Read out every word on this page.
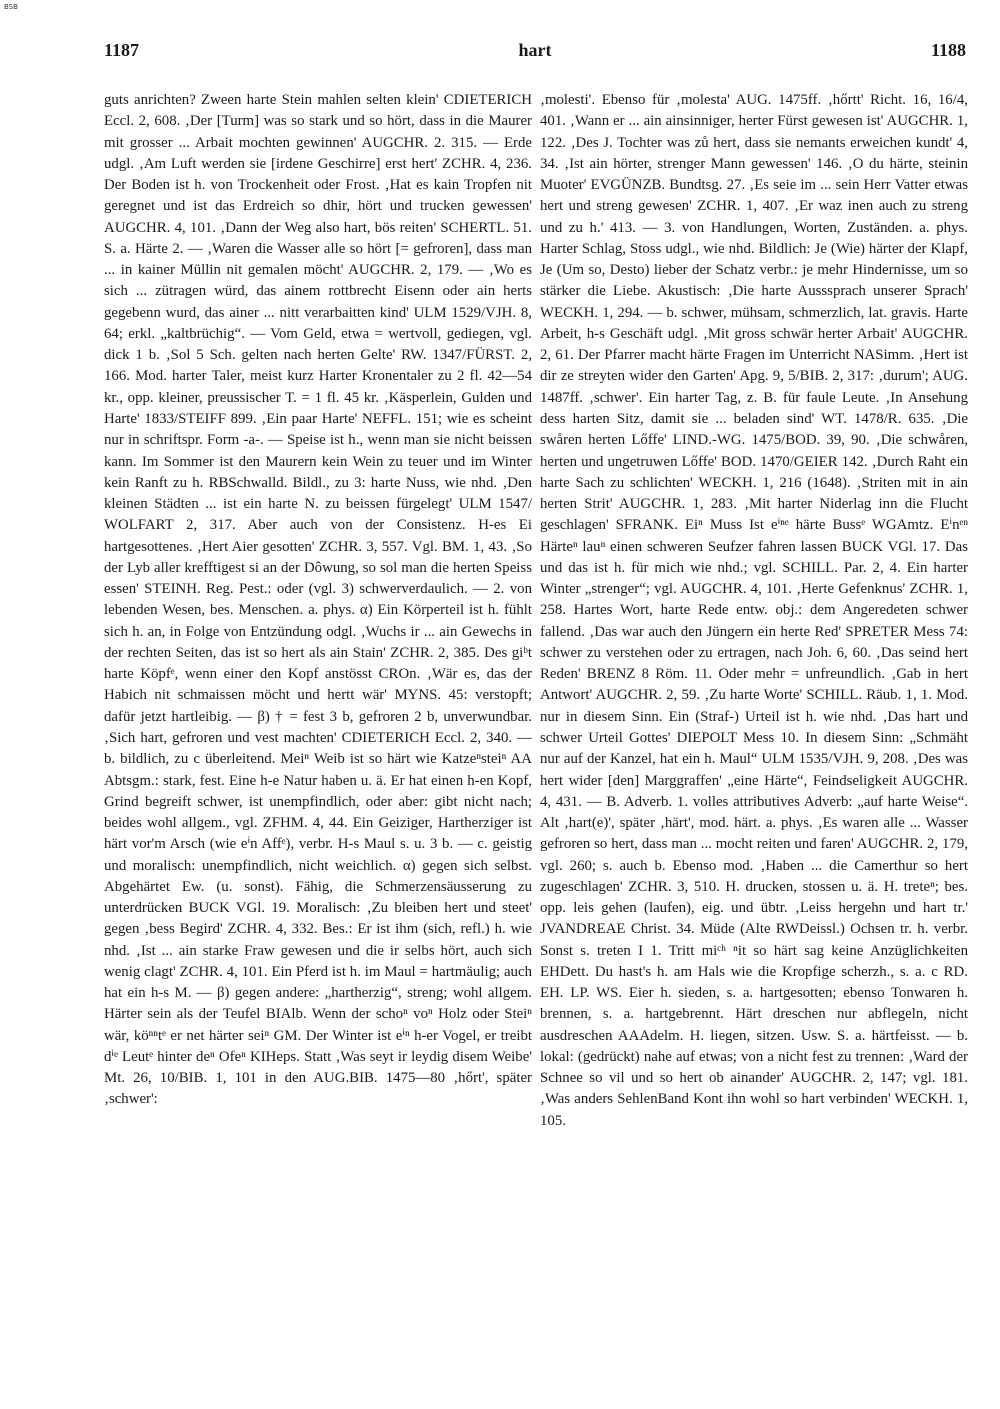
BSB
1187	hart	1188

guts anrichten? Zween harte Stein mahlen selten klein' CDIETERICH Eccl. 2, 608. ‚Der [Turm] was so stark und so hört, dass in die Maurer mit grosser ... Arbait mochten gewinnen' AUGCHR. 2. 315. — Erde udgl. ‚Am Luft werden sie [irdene Geschirre] erst hert' ZCHR. 4, 236. Der Boden ist h. von Trockenheit oder Frost. ‚Hat es kain Tropfen nit geregnet und ist das Erdreich so dhir, hört und trucken gewessen' AUGCHR. 4, 101. ‚Dann der Weg also hart, bös reiten' SCHERTL. 51. S. a. Härte 2. — ‚Waren die Wasser alle so hört [= gefroren], dass man ... in kainer Müllin nit gemalen möcht' AUGCHR. 2, 179. — ‚Wo es sich ... zütragen würd, das ainem rottbrecht Eisenn oder ain herts gegebenn wurd, das ainer ... nitt verarbaitten kind' ULM 1529/VJH. 8, 64; erkl. „kaltbrüchig“. — Vom Geld, etwa = wertvoll, gediegen, vgl. dick 1 b. ‚Sol 5 Sch. gelten nach herten Gelte' RW. 1347/FÜRST. 2, 166. Mod. harter Taler, meist kurz Harter Kronentaler zu 2 fl. 42—54 kr., opp. kleiner, preussischer T. = 1 fl. 45 kr. ‚Käsperlein, Gulden und Harte' 1833/STEIFF 899. ‚Ein paar Harte' NEFFL. 151; wie es scheint nur in schriftspr. Form -a-. — Speise ist h., wenn man sie nicht beissen kann. Im Sommer ist den Maurern kein Wein zu teuer und im Winter kein Ranft zu h. RBSchwalld. Bildl., zu 3: harte Nuss, wie nhd. ‚Den kleinen Städten ... ist ein harte N. zu beissen fürgelegt' ULM 1547/ WOLFART 2, 317. Aber auch von der Consistenz. H-es Ei hartgesottenes. ‚Hert Aier gesotten' ZCHR. 3, 557. Vgl. BM. 1, 43. ‚So der Lyb aller krefftigest si an der Dôwung, so sol man die herten Speiss essen' STEINH. Reg. Pest.: oder (vgl. 3) schwerverdaulich. — 2. von lebenden Wesen, bes. Menschen. a. phys. α) Ein Körperteil ist h. fühlt sich h. an, in Folge von Entzündung odgl. ‚Wuchs ir ... ain Gewechs in der rechten Seiten, das ist so hert als ain Stain' ZCHR. 2, 385. Des gi͏ᵇt harte Köpfᵉ, wenn einer den Kopf anstösst CROn. ‚Wär es, das der Habich nit schmaissen möcht und hertt wär' MYNS. 45: verstopft; dafür jetzt hartleibig. — β) † = fest 3 b, gefroren 2 b, unverwundbar. ‚Sich hart, gefroren und vest machten' CDIETERICH Eccl. 2, 340. — b. bildlich, zu c überleitend. Meiⁿ Weib ist so härt wie Katzeⁿsteiⁿ AA Abtsgm.: stark, fest. Eine h-e Natur haben u. ä. Er hat einen h-en Kopf, Grind begreift schwer, ist unempfindlich, oder aber: gibt nicht nach; beides wohl allgem., vgl. ZFHM. 4, 44. Ein Geiziger, Hartherziger ist härt vor'm Arsch (wie eⁱn Affᵉ), verbr. H-s Maul s. u. 3 b. — c. geistig und moralisch: unempfindlich, nicht weichlich. α) gegen sich selbst. Abgehärtet Ew. (u. sonst). Fähig, die Schmerzensäusserung zu unterdrücken BUCK VGl. 19. Moralisch: ‚Zu bleiben hert und steet' gegen ‚bess Begird' ZCHR. 4, 332. Bes.: Er ist ihm (sich, refl.) h. wie nhd. ‚Ist ... ain starke Fraw gewesen und die ir selbs hört, auch sich wenig clagt' ZCHR. 4, 101. Ein Pferd ist h. im Maul = hartmäulig; auch hat ein h-s M. — β) gegen andere: „hartherzig“, streng; wohl allgem. Härter sein als der Teufel BIAlb. Wenn der schoⁿ voⁿ Holz oder Steiⁿ wär, köⁿⁿtᵉ er net härter seiⁿ GM. Der Winter ist eⁱⁿ h-er Vogel, er treibt dⁱᵉ Leutᵉ hinter deⁿ Ofeⁿ KIHeps. Statt ‚Was seyt ir leydig disem Weibe' Mt. 26, 10/BIB. 1, 101 in den AUG.BIB. 1475—80 ‚hőrt', später ‚schwer':

‚molesti'. Ebenso für ‚molesta' AUG. 1475ff. ‚hőrtt' Richt. 16, 16/4, 401. ‚Wann er ... ain ainsinniger, herter Fürst gewesen ist' AUGCHR. 1, 122. ‚Des J. Tochter was zů hert, dass sie nemants erweichen kundt' 4, 34. ‚Ist ain hörter, strenger Mann gewessen' 146. ‚O du härte, steinin Muoter' EVGÜNZB. Bundtsg. 27. ‚Es seie im ... sein Herr Vatter etwas hert und streng gewesen' ZCHR. 1, 407. ‚Er waz inen auch zu streng und zu h.' 413. — 3. von Handlungen, Worten, Zuständen. a. phys. Harter Schlag, Stoss udgl., wie nhd. Bildlich: Je (Wie) härter der Klapf, Je (Um so, Desto) lieber der Schatz verbr.: je mehr Hindernisse, um so stärker die Liebe. Akustisch: ‚Die harte Ausssprach unserer Sprach' WECKH. 1, 294. — b. schwer, mühsam, schmerzlich, lat. gravis. Harte Arbeit, h-s Geschäft udgl. ‚Mit gross schwär herter Arbait' AUGCHR. 2, 61. Der Pfarrer macht härte Fragen im Unterricht NASimm. ‚Hert ist dir ze streyten wider den Garten' Apg. 9, 5/BIB. 2, 317: ‚durum'; AUG. 1487ff. ‚schwer'. Ein harter Tag, z. B. für faule Leute. ‚In Ansehung dess harten Sitz, damit sie ... beladen sind' WT. 1478/R. 635. ‚Die swåren herten Lőffe' LIND.-WG. 1475/BOD. 39, 90. ‚Die schwåren, herten und ungetruwen Lőffe' BOD. 1470/GEIER 142. ‚Durch Raht ein harte Sach zu schlichten' WECKH. 1, 216 (1648). ‚Striten mit in ain herten Strit' AUGCHR. 1, 283. ‚Mit harter Niderlag inn die Flucht geschlagen' SFRANK. Eiⁿ Muss Ist eⁱⁿᵉ härte Bussᵉ WGAmtz. Eⁱnᵉⁿ Härteⁿ lauⁿ einen schweren Seufzer fahren lassen BUCK VGl. 17. Das und das ist h. für mich wie nhd.; vgl. SCHILL. Par. 2, 4. Ein harter Winter „strenger“; vgl. AUGCHR. 4, 101. ‚Herte Gefenknus' ZCHR. 1, 258. Hartes Wort, harte Rede entw. obj.: dem Angeredeten schwer fallend. ‚Das war auch den Jüngern ein herte Red' SPRETER Mess 74: schwer zu verstehen oder zu ertragen, nach Joh. 6, 60. ‚Das seind hert Reden' BRENZ 8 Röm. 11. Oder mehr = unfreundlich. ‚Gab in hert Antwort' AUGCHR. 2, 59. ‚Zu harte Worte' SCHILL. Räub. 1, 1. Mod. nur in diesem Sinn. Ein (Straf-) Urteil ist h. wie nhd. ‚Das hart und schwer Urteil Gottes' DIEPOLT Mess 10. In diesem Sinn: „Schmäht nur auf der Kanzel, hat ein h. Maul“ ULM 1535/VJH. 9, 208. ‚Des was hert wider [den] Marggraffen' „eine Härte“, Feindseligkeit AUGCHR. 4, 431. — B. Adverb. 1. volles attributives Adverb: „auf harte Weise“. Alt ‚hart(e)', später ‚härt', mod. härt. a. phys. ‚Es waren alle ... Wasser gefroren so hert, dass man ... mocht reiten und faren' AUGCHR. 2, 179, vgl. 260; s. auch b. Ebenso mod. ‚Haben ... die Camerthur so hert zugeschlagen' ZCHR. 3, 510. H. drucken, stossen u. ä. H. treteⁿ; bes. opp. leis gehen (laufen), eig. und übtr. ‚Leiss hergehn und hart tr.' JVANDREAE Christ. 34. Müde (Alte RWDeissl.) Ochsen tr. h. verbr. Sonst s. treten I 1. Tritt miᶜʰ ⁿit so härt sag keine Anzüglichkeiten EHDett. Du hast's h. am Hals wie die Kropfige scherzh., s. a. c RD. EH. LP. WS. Eier h. sieden, s. a. hartgesotten; ebenso Tonwaren h. brennen, s. a. hartgebrennt. Härt dreschen nur abflegeln, nicht ausdreschen AAAdelm. H. liegen, sitzen. Usw. S. a. härtfeisst. — b. lokal: (gedrückt) nahe auf etwas; von a nicht fest zu trennen: ‚Ward der Schnee so vil und so hert ob ainander' AUGCHR. 2, 147; vgl. 181. ‚Was anders SehlenBand Kont ihn wohl so hart verbinden' WECKH. 1, 105.
